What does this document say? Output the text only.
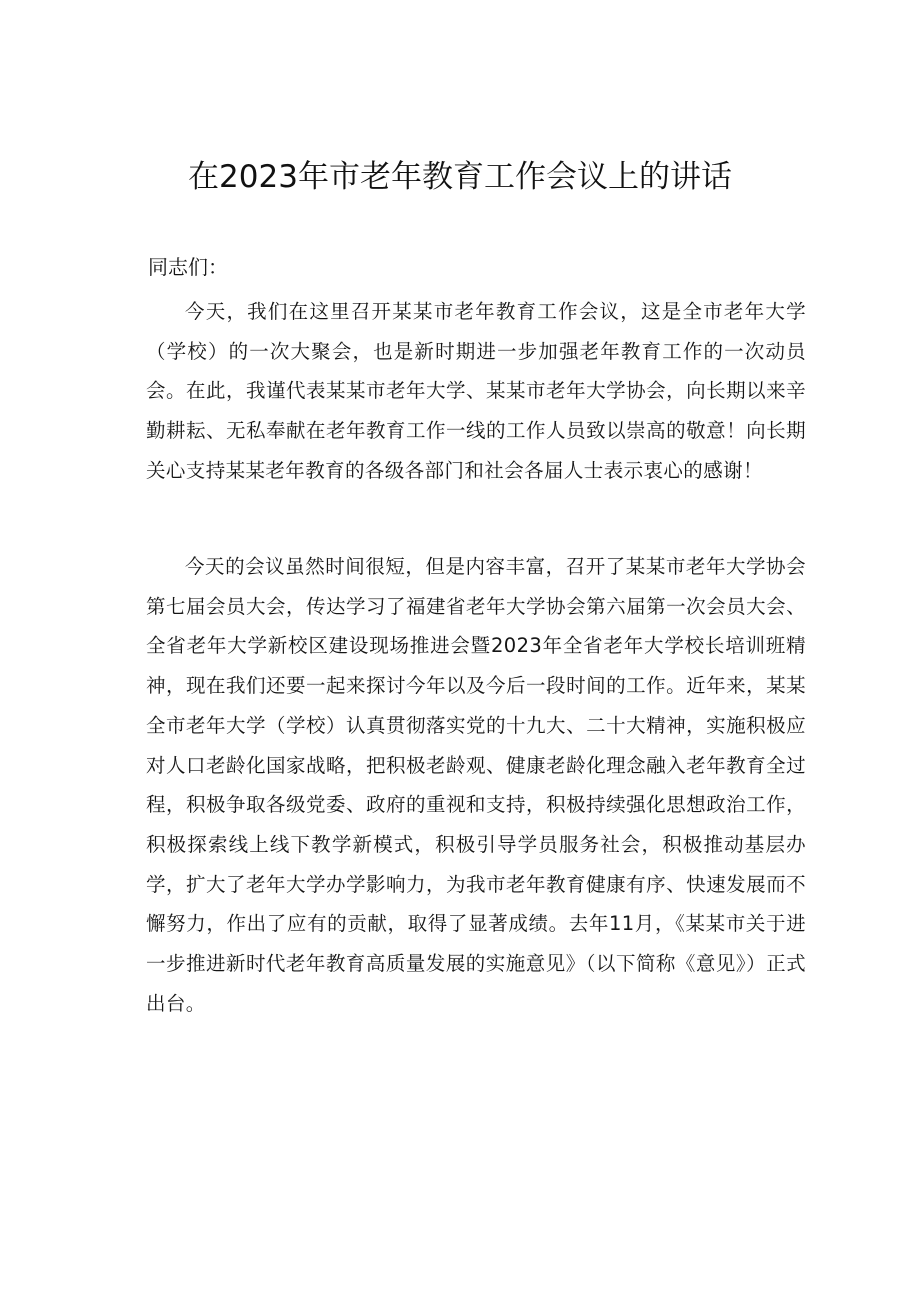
在2023年市老年教育工作会议上的讲话
同志们：

今天，我们在这里召开某某市老年教育工作会议，这是全市老年大学（学校）的一次大聚会，也是新时期进一步加强老年教育工作的一次动员会。在此，我谨代表某某市老年大学、某某市老年大学协会，向长期以来辛勤耕耘、无私奉献在老年教育工作一线的工作人员致以崇高的敬意！向长期关心支持某某老年教育的各级各部门和社会各届人士表示衷心的感谢！

今天的会议虽然时间很短，但是内容丰富，召开了某某市老年大学协会第七届会员大会，传达学习了福建省老年大学协会第六届第一次会员大会、全省老年大学新校区建设现场推进会暨2023年全省老年大学校长培训班精神，现在我们还要一起来探讨今年以及今后一段时间的工作。近年来，某某全市老年大学（学校）认真贯彻落实党的十九大、二十大精神，实施积极应对人口老龄化国家战略，把积极老龄观、健康老龄化理念融入老年教育全过程，积极争取各级党委、政府的重视和支持，积极持续强化思想政治工作，积极探索线上线下教学新模式，积极引导学员服务社会，积极推动基层办学，扩大了老年大学办学影响力，为我市老年教育健康有序、快速发展而不懈努力，作出了应有的贡献，取得了显著成绩。去年11月，《某某市关于进一步推进新时代老年教育高质量发展的实施意见》（以下简称《意见》）正式出台。
